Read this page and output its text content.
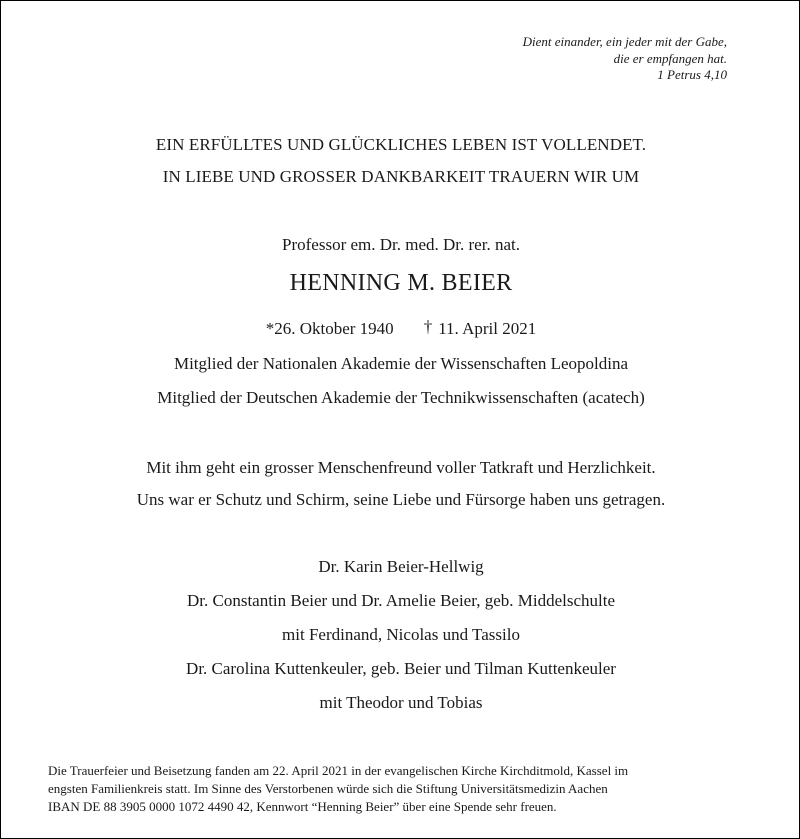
Dient einander, ein jeder mit der Gabe,
die er empfangen hat.
1 Petrus 4,10
EIN ERFÜLLTES UND GLÜCKLICHES LEBEN IST VOLLENDET.
IN LIEBE UND GROSSER DANKBARKEIT TRAUERN WIR UM
Professor em. Dr. med. Dr. rer. nat.
HENNING M. BEIER
*26. Oktober 1940 † 11. April 2021
Mitglied der Nationalen Akademie der Wissenschaften Leopoldina
Mitglied der Deutschen Akademie der Technikwissenschaften (acatech)
Mit ihm geht ein grosser Menschenfreund voller Tatkraft und Herzlichkeit.
Uns war er Schutz und Schirm, seine Liebe und Fürsorge haben uns getragen.
Dr. Karin Beier-Hellwig
Dr. Constantin Beier und Dr. Amelie Beier, geb. Middelschulte
mit Ferdinand, Nicolas und Tassilo
Dr. Carolina Kuttenkeuler, geb. Beier und Tilman Kuttenkeuler
mit Theodor und Tobias
Die Trauerfeier und Beisetzung fanden am 22. April 2021 in der evangelischen Kirche Kirchditmold, Kassel im
engsten Familienkreis statt. Im Sinne des Verstorbenen würde sich die Stiftung Universitätsmedizin Aachen
IBAN DE 88 3905 0000 1072 4490 42, Kennwort “Henning Beier” über eine Spende sehr freuen.
